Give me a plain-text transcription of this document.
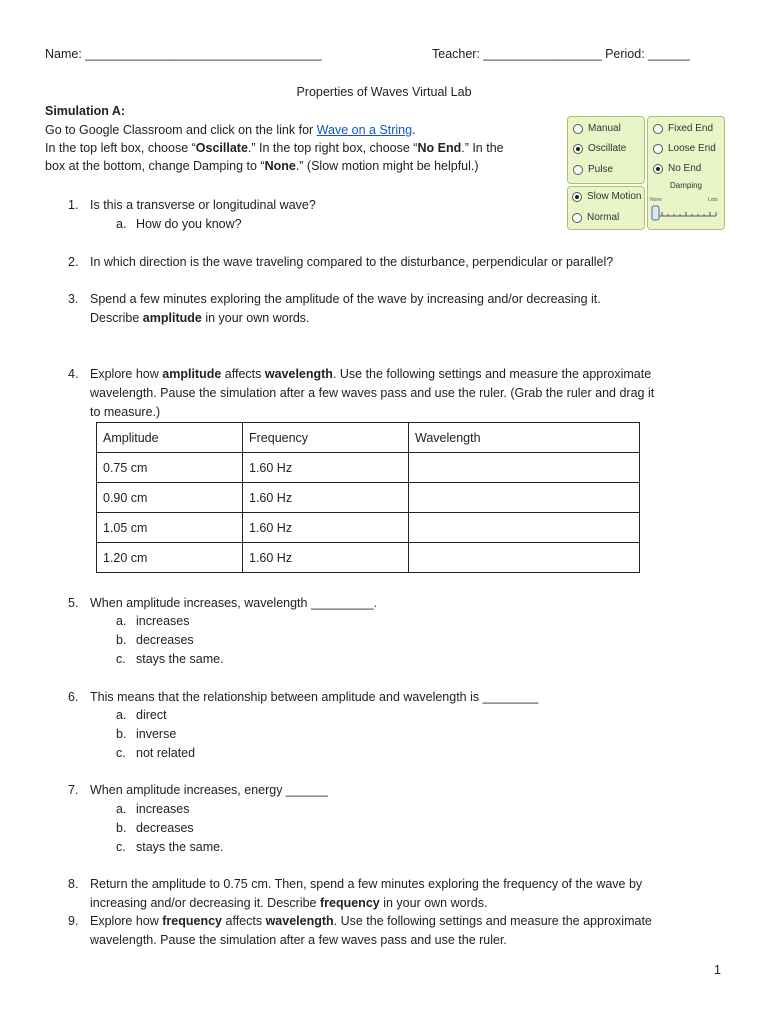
Name: __________________________________	Teacher: _________________ Period: ______
Properties of Waves Virtual Lab
Simulation A:
Go to Google Classroom and click on the link for Wave on a String.
In the top left box, choose “Oscillate.” In the top right box, choose “No End.” In the
box at the bottom, change Damping to “None.” (Slow motion might be helpful.)
Manual
Oscillate
Pulse
Fixed End
Loose End
No End
Damping
None	Lots
Slow Motion
Normal
1. Is this a transverse or longitudinal wave?
a. How do you know?
2. In which direction is the wave traveling compared to the disturbance, perpendicular or parallel?
3. Spend a few minutes exploring the amplitude of the wave by increasing and/or decreasing it.
Describe amplitude in your own words.
4. Explore how amplitude affects wavelength. Use the following settings and measure the approximate
wavelength. Pause the simulation after a few waves pass and use the ruler. (Grab the ruler and drag it
to measure.)
Amplitude	Frequency	Wavelength
0.75 cm	1.60 Hz	
0.90 cm	1.60 Hz	
1.05 cm	1.60 Hz	
1.20 cm	1.60 Hz	
5. When amplitude increases, wavelength _________.
a. increases
b. decreases
c. stays the same.
6. This means that the relationship between amplitude and wavelength is ________
a. direct
b. inverse
c. not related
7. When amplitude increases, energy ______
a. increases
b. decreases
c. stays the same.
8. Return the amplitude to 0.75 cm. Then, spend a few minutes exploring the frequency of the wave by
increasing and/or decreasing it. Describe frequency in your own words.
9. Explore how frequency affects wavelength. Use the following settings and measure the approximate
wavelength. Pause the simulation after a few waves pass and use the ruler.
1
